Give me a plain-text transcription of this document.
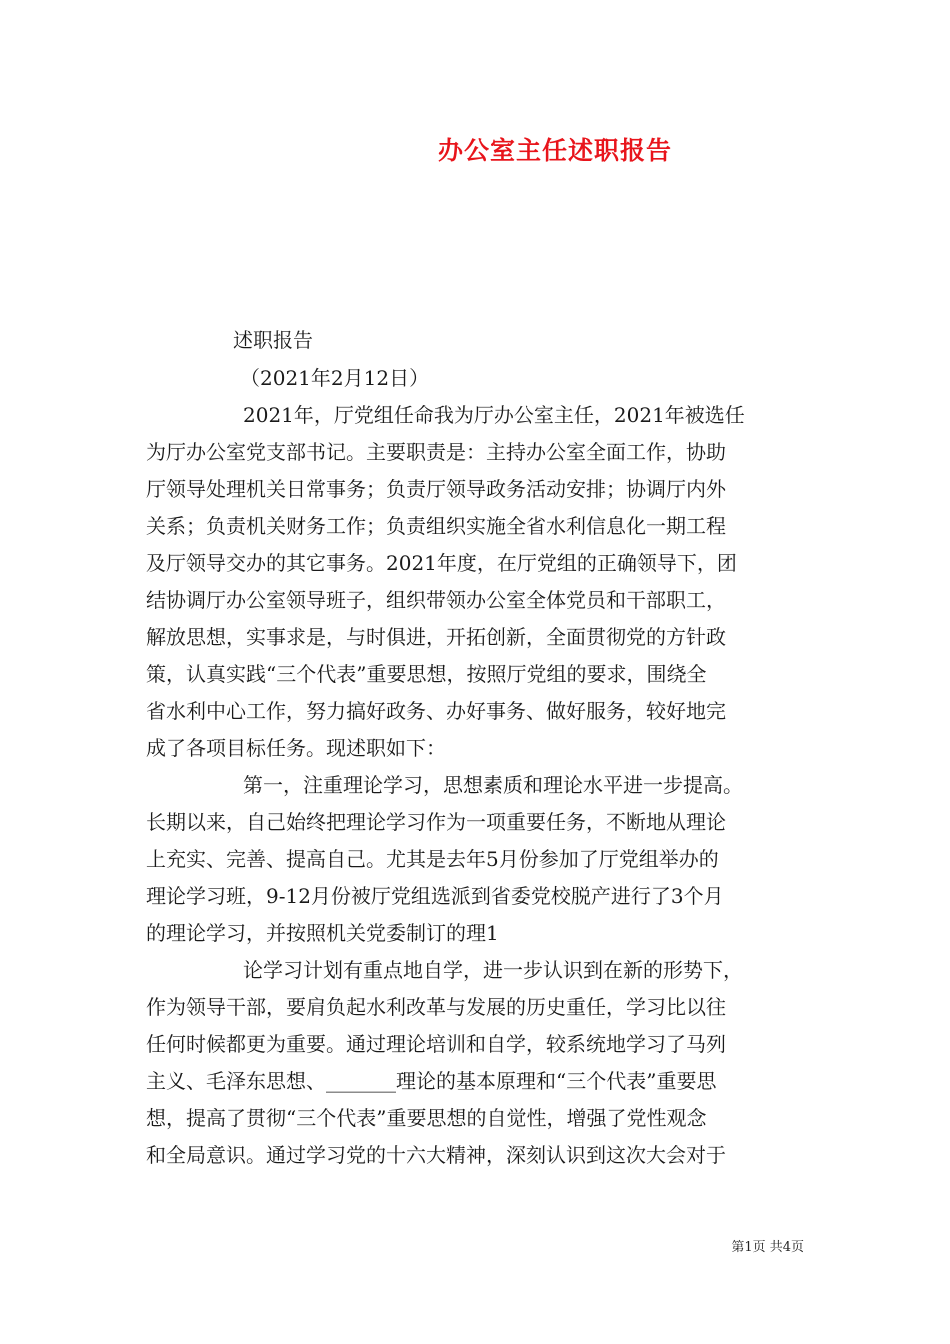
办公室主任述职报告

述职报告

（2021年2月12日）

2021年，厅党组任命我为厅办公室主任，2021年被选任

为厅办公室党支部书记。主要职责是：主持办公室全面工作，协助

厅领导处理机关日常事务；负责厅领导政务活动安排；协调厅内外

关系；负责机关财务工作；负责组织实施全省水利信息化一期工程

及厅领导交办的其它事务。2021年度，在厅党组的正确领导下，团

结协调厅办公室领导班子，组织带领办公室全体党员和干部职工，

解放思想，实事求是，与时俱进，开拓创新，全面贯彻党的方针政

策，认真实践“三个代表”重要思想，按照厅党组的要求，围绕全

省水利中心工作，努力搞好政务、办好事务、做好服务，较好地完

成了各项目标任务。现述职如下：

第一，注重理论学习，思想素质和理论水平进一步提高。

长期以来，自己始终把理论学习作为一项重要任务，不断地从理论

上充实、完善、提高自己。尤其是去年5月份参加了厅党组举办的

理论学习班，9-12月份被厅党组选派到省委党校脱产进行了3个月

的理论学习，并按照机关党委制订的理1

论学习计划有重点地自学，进一步认识到在新的形势下，

作为领导干部，要肩负起水利改革与发展的历史重任，学习比以往

任何时候都更为重要。通过理论培训和自学，较系统地学习了马列

主义、毛泽东思想、_______理论的基本原理和“三个代表”重要思

想，提高了贯彻“三个代表”重要思想的自觉性，增强了党性观念

和全局意识。通过学习党的十六大精神，深刻认识到这次大会对于

第1页 共4页
